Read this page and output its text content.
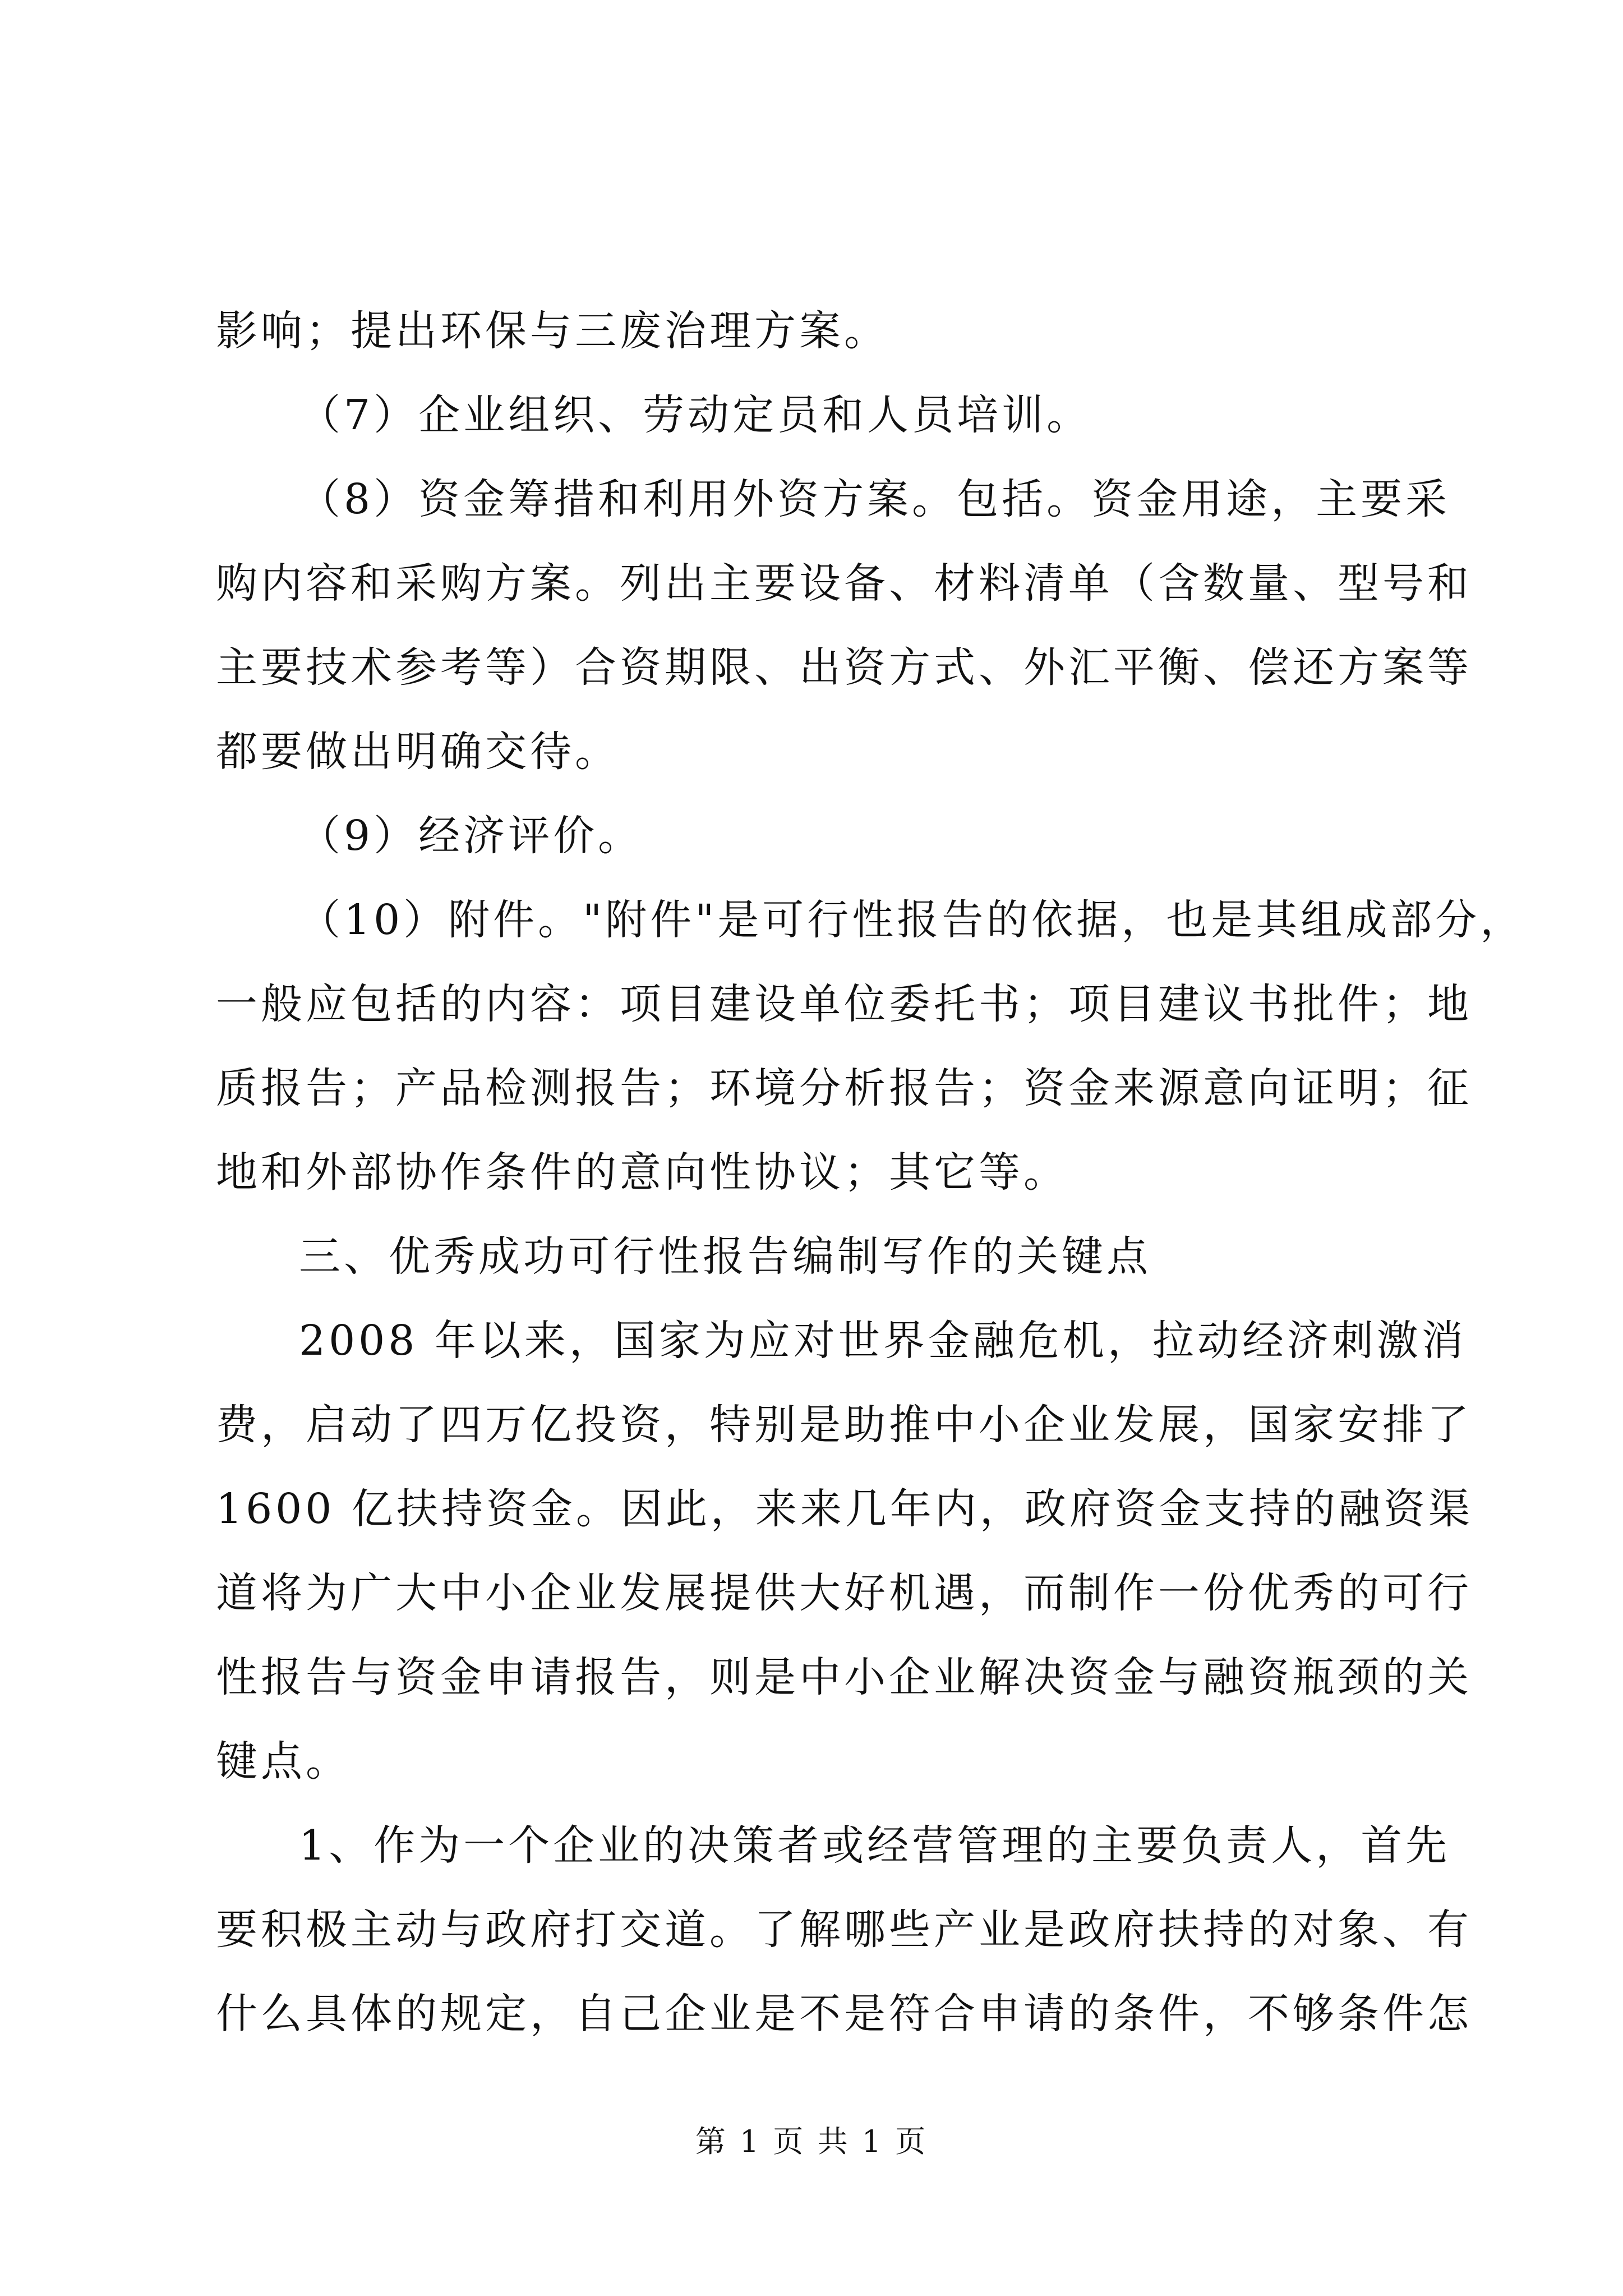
影响；提出环保与三废治理方案。
（7）企业组织、劳动定员和人员培训。
（8）资金筹措和利用外资方案。包括。资金用途，主要采
购内容和采购方案。列出主要设备、材料清单（含数量、型号和
主要技术参考等）合资期限、出资方式、外汇平衡、偿还方案等
都要做出明确交待。
（9）经济评价。
（10）附件。"附件"是可行性报告的依据，也是其组成部分，
一般应包括的内容：项目建设单位委托书；项目建议书批件；地
质报告；产品检测报告；环境分析报告；资金来源意向证明；征
地和外部协作条件的意向性协议；其它等。
三、优秀成功可行性报告编制写作的关键点
2008 年以来，国家为应对世界金融危机，拉动经济刺激消
费，启动了四万亿投资，特别是助推中小企业发展，国家安排了
1600 亿扶持资金。因此，来来几年内，政府资金支持的融资渠
道将为广大中小企业发展提供大好机遇，而制作一份优秀的可行
性报告与资金申请报告，则是中小企业解决资金与融资瓶颈的关
键点。
1、作为一个企业的决策者或经营管理的主要负责人，首先
要积极主动与政府打交道。了解哪些产业是政府扶持的对象、有
什么具体的规定，自己企业是不是符合申请的条件，不够条件怎
第 1 页 共 1 页
